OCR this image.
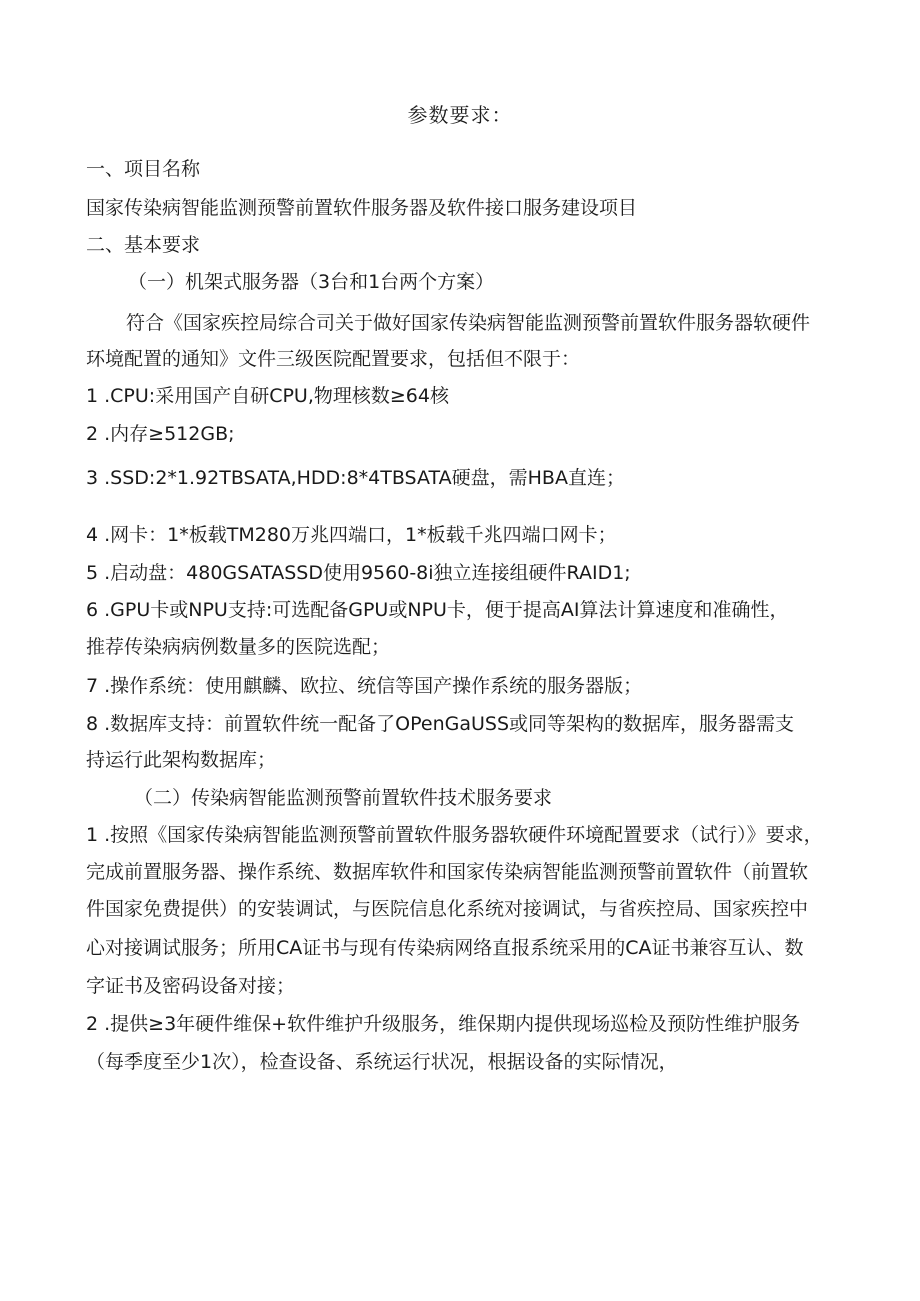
参数要求：
一、项目名称
国家传染病智能监测预警前置软件服务器及软件接口服务建设项目
二、基本要求
（一）机架式服务器（3台和1台两个方案）
符合《国家疾控局综合司关于做好国家传染病智能监测预警前置软件服务器软硬件
环境配置的通知》文件三级医院配置要求，包括但不限于：
1 .CPU:采用国产自研CPU,物理核数≥64核
2 .内存≥512GB;
3 .SSD:2*1.92TBSATA,HDD:8*4TBSATA硬盘，需HBA直连；
4 .网卡：1*板载TM280万兆四端口，1*板载千兆四端口网卡；
5 .启动盘：480GSATASSD使用9560-8i独立连接组硬件RAID1;
6 .GPU卡或NPU支持:可选配备GPU或NPU卡，便于提高AI算法计算速度和准确性，
推荐传染病病例数量多的医院选配；
7 .操作系统：使用麒麟、欧拉、统信等国产操作系统的服务器版；
8 .数据库支持：前置软件统一配备了OPenGaUSS或同等架构的数据库，服务器需支
持运行此架构数据库；
（二）传染病智能监测预警前置软件技术服务要求
1 .按照《国家传染病智能监测预警前置软件服务器软硬件环境配置要求（试行）》要求，
完成前置服务器、操作系统、数据库软件和国家传染病智能监测预警前置软件（前置软
件国家免费提供）的安装调试，与医院信息化系统对接调试，与省疾控局、国家疾控中
心对接调试服务；所用CA证书与现有传染病网络直报系统采用的CA证书兼容互认、数
字证书及密码设备对接；
2 .提供≥3年硬件维保+软件维护升级服务，维保期内提供现场巡检及预防性维护服务
（每季度至少1次），检查设备、系统运行状况，根据设备的实际情况，
